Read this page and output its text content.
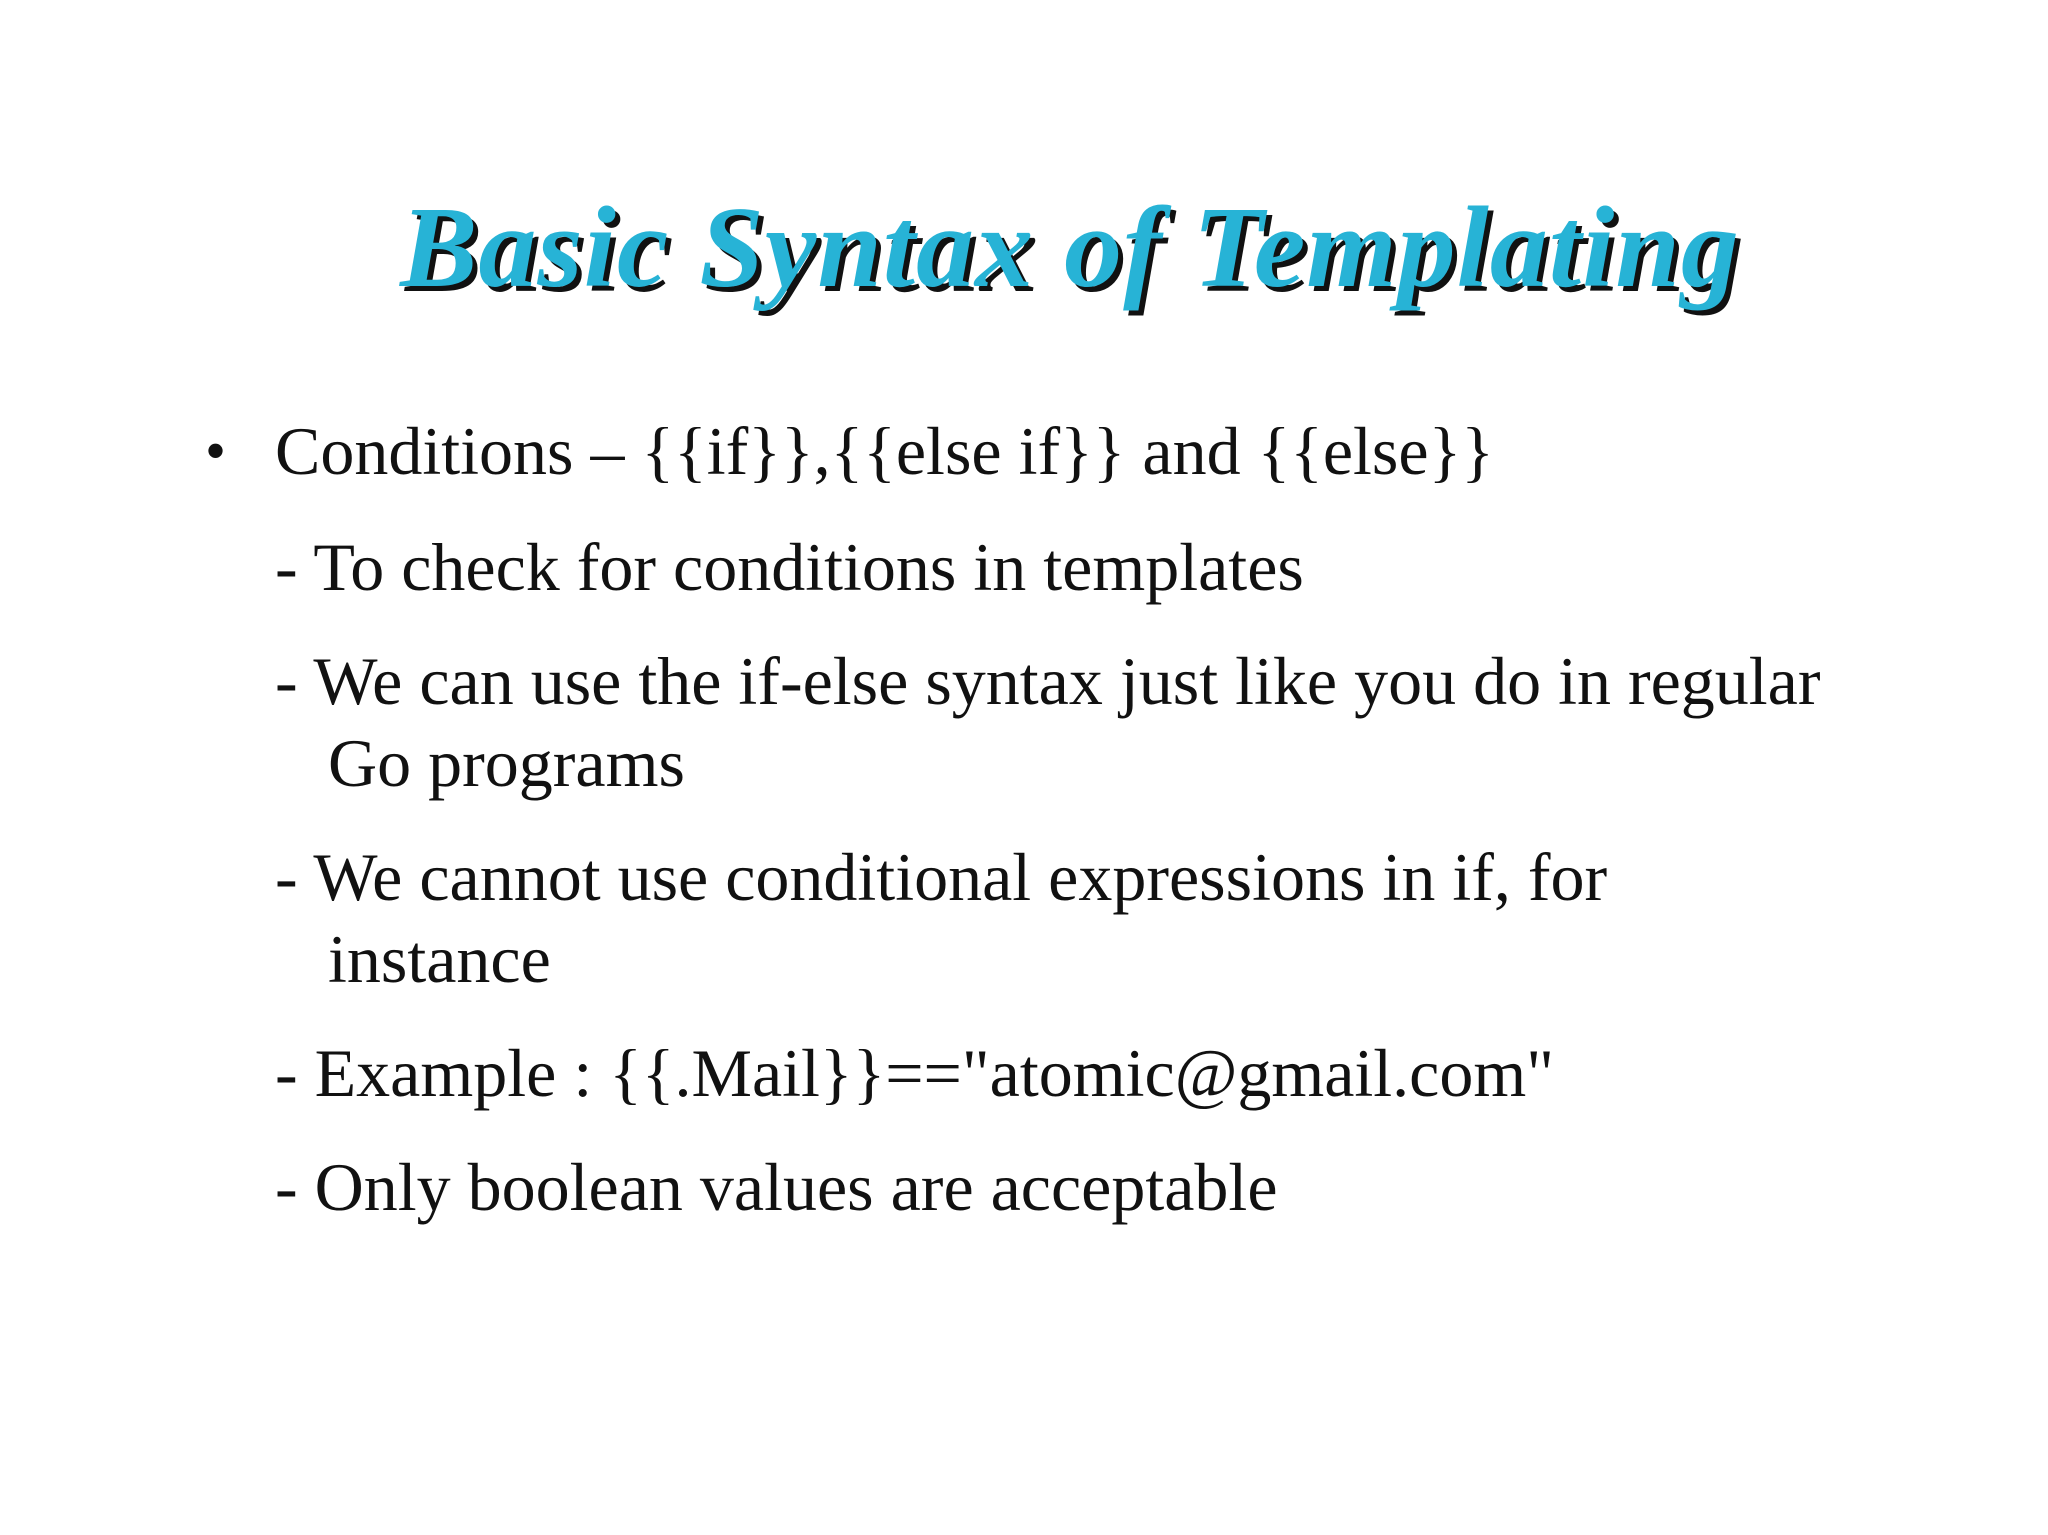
Basic Syntax of Templating
• Conditions – {{if}},{{else if}} and {{else}}
- To check for conditions in templates
- We can use the if-else syntax just like you do in regular
Go programs
- We cannot use conditional expressions in if, for
instance
- Example : {{.Mail}}=="atomic@gmail.com"
- Only boolean values are acceptable
